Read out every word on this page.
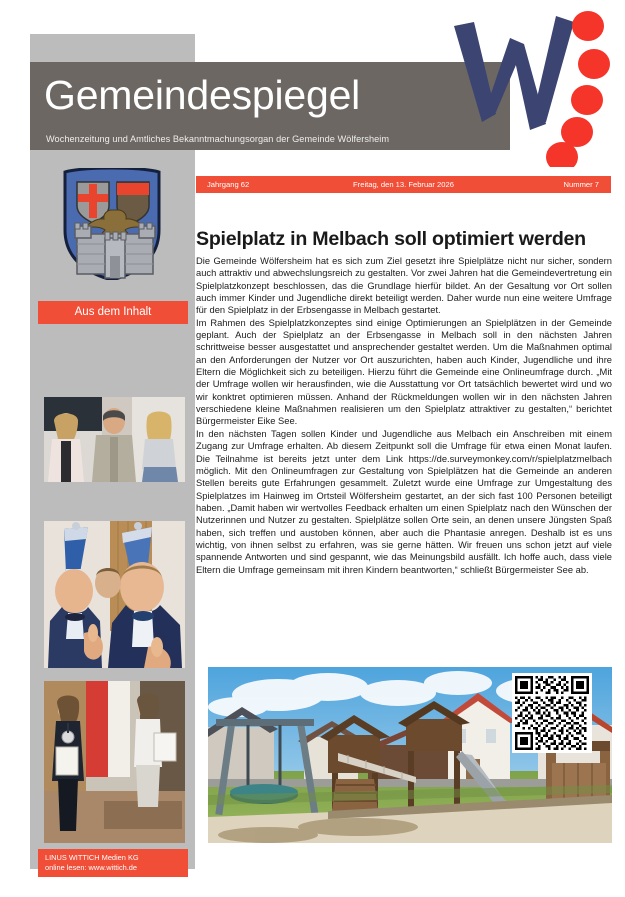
Gemeindespiegel
Wochenzeitung und Amtliches Bekanntmachungsorgan der Gemeinde Wölfersheim
Jahrgang 62	Freitag, den 13. Februar 2026	Nummer 7
Aus dem Inhalt
LINUS WITTICH Medien KG
online lesen: www.wittich.de
Spielplatz in Melbach soll optimiert werden

Die Gemeinde Wölfersheim hat es sich zum Ziel gesetzt ihre Spielplätze nicht nur sicher, sondern auch attraktiv und abwechslungsreich zu gestalten. Vor zwei Jahren hat die Gemeindevertretung ein Spielplatzkonzept beschlossen, das die Grundlage hierfür bildet. An der Gesaltung vor Ort sollen auch immer Kinder und Jugendliche direkt beteiligt werden. Daher wurde nun eine weitere Umfrage für den Spielplatz in der Erbsengasse in Melbach gestartet.

Im Rahmen des Spielplatzkonzeptes sind einige Optimierungen an Spielplätzen in der Gemeinde geplant. Auch der Spielplatz an der Erbsengasse in Melbach soll in den nächsten Jahren schrittweise besser ausgestattet und ansprechender gestaltet werden. Um die Maßnahmen optimal an den Anforderungen der Nutzer vor Ort auszurichten, haben auch Kinder, Jugendliche und ihre Eltern die Möglichkeit sich zu beteiligen. Hierzu führt die Gemeinde eine Onlineumfrage durch. „Mit der Umfrage wollen wir herausfinden, wie die Ausstattung vor Ort tatsächlich bewertet wird und wo wir konktret optimieren müssen. Anhand der Rückmeldungen wollen wir in den nächsten Jahren verschiedene kleine Maßnahmen realisieren um den Spielplatz attraktiver zu gestalten,“ berichtet Bürgermeister Eike See.

In den nächsten Tagen sollen Kinder und Jugendliche aus Melbach ein Anschreiben mit einem Zugang zur Umfrage erhalten. Ab diesem Zeitpunkt soll die Umfrage für etwa einen Monat laufen. Die Teilnahme ist bereits jetzt unter dem Link https://de.surveymonkey.com/r/spielplatzmelbach möglich. Mit den Onlineumfragen zur Gestaltung von Spielplätzen hat die Gemeinde an anderen Stellen bereits gute Erfahrungen gesammelt. Zuletzt wurde eine Umfrage zur Umgestaltung des Spielplatzes im Hainweg im Ortsteil Wölfersheim gestartet, an der sich fast 100 Personen beteiligt haben. „Damit haben wir wertvolles Feedback erhalten um einen Spielplatz nach den Wünschen der Nutzerinnen und Nutzer zu gestalten. Spielplätze sollen Orte sein, an denen unsere Jüngsten Spaß haben, sich treffen und austoben können, aber auch die Phantasie anregen. Deshalb ist es uns wichtig, von ihnen selbst zu erfahren, was sie gerne hätten. Wir freuen uns schon jetzt auf viele spannende Antworten und sind gespannt, wie das Meinungsbild ausfällt. Ich hoffe auch, dass viele Eltern die Umfrage gemeinsam mit ihren Kindern beantworten,“ schließt Bürgermeister See ab.
